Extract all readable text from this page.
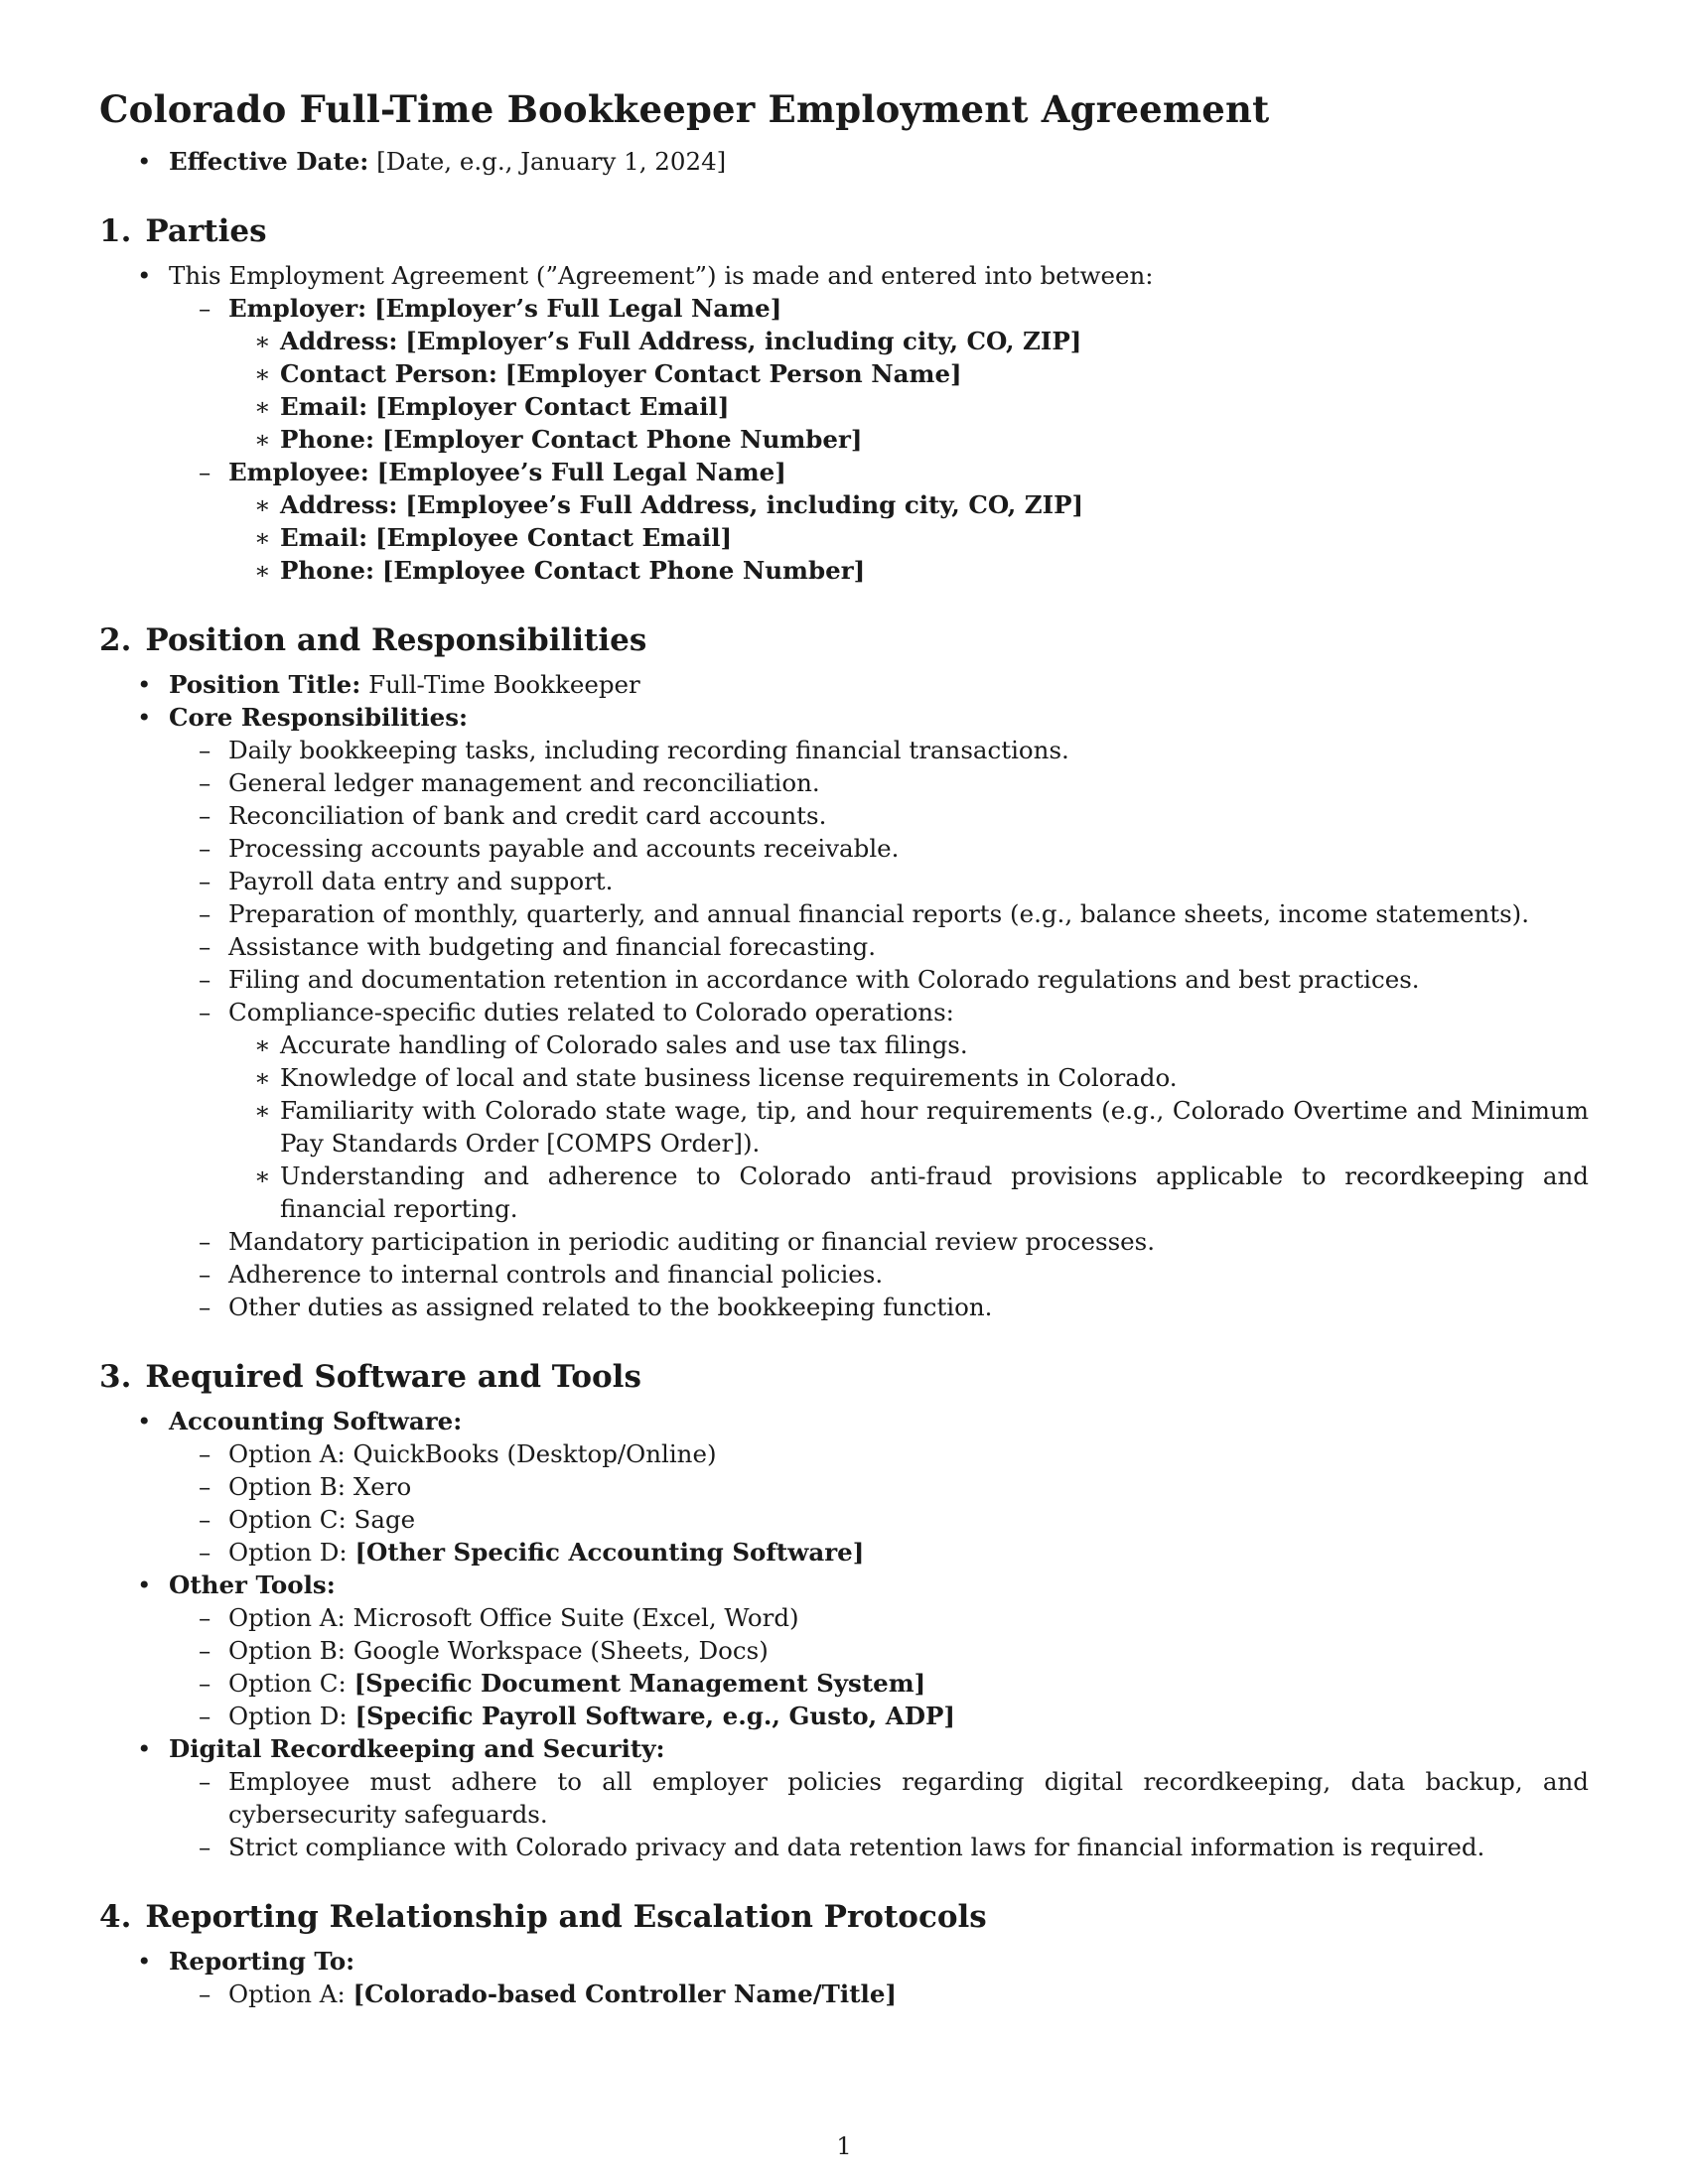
Colorado Full-Time Bookkeeper Employment Agreement
• Effective Date: [Date, e.g., January 1, 2024]
1. Parties
• This Employment Agreement (”Agreement”) is made and entered into between:
– Employer: [Employer’s Full Legal Name]
∗ Address: [Employer’s Full Address, including city, CO, ZIP]
∗ Contact Person: [Employer Contact Person Name]
∗ Email: [Employer Contact Email]
∗ Phone: [Employer Contact Phone Number]
– Employee: [Employee’s Full Legal Name]
∗ Address: [Employee’s Full Address, including city, CO, ZIP]
∗ Email: [Employee Contact Email]
∗ Phone: [Employee Contact Phone Number]
2. Position and Responsibilities
• Position Title: Full-Time Bookkeeper
• Core Responsibilities:
– Daily bookkeeping tasks, including recording financial transactions.
– General ledger management and reconciliation.
– Reconciliation of bank and credit card accounts.
– Processing accounts payable and accounts receivable.
– Payroll data entry and support.
– Preparation of monthly, quarterly, and annual financial reports (e.g., balance sheets, income statements).
– Assistance with budgeting and financial forecasting.
– Filing and documentation retention in accordance with Colorado regulations and best practices.
– Compliance-specific duties related to Colorado operations:
∗ Accurate handling of Colorado sales and use tax filings.
∗ Knowledge of local and state business license requirements in Colorado.
∗ Familiarity with Colorado state wage, tip, and hour requirements (e.g., Colorado Overtime and Minimum Pay Standards Order [COMPS Order]).
∗ Understanding and adherence to Colorado anti-fraud provisions applicable to recordkeeping and financial reporting.
– Mandatory participation in periodic auditing or financial review processes.
– Adherence to internal controls and financial policies.
– Other duties as assigned related to the bookkeeping function.
3. Required Software and Tools
• Accounting Software:
– Option A: QuickBooks (Desktop/Online)
– Option B: Xero
– Option C: Sage
– Option D: [Other Specific Accounting Software]
• Other Tools:
– Option A: Microsoft Office Suite (Excel, Word)
– Option B: Google Workspace (Sheets, Docs)
– Option C: [Specific Document Management System]
– Option D: [Specific Payroll Software, e.g., Gusto, ADP]
• Digital Recordkeeping and Security:
– Employee must adhere to all employer policies regarding digital recordkeeping, data backup, and cybersecurity safeguards.
– Strict compliance with Colorado privacy and data retention laws for financial information is required.
4. Reporting Relationship and Escalation Protocols
• Reporting To:
– Option A: [Colorado-based Controller Name/Title]
1
